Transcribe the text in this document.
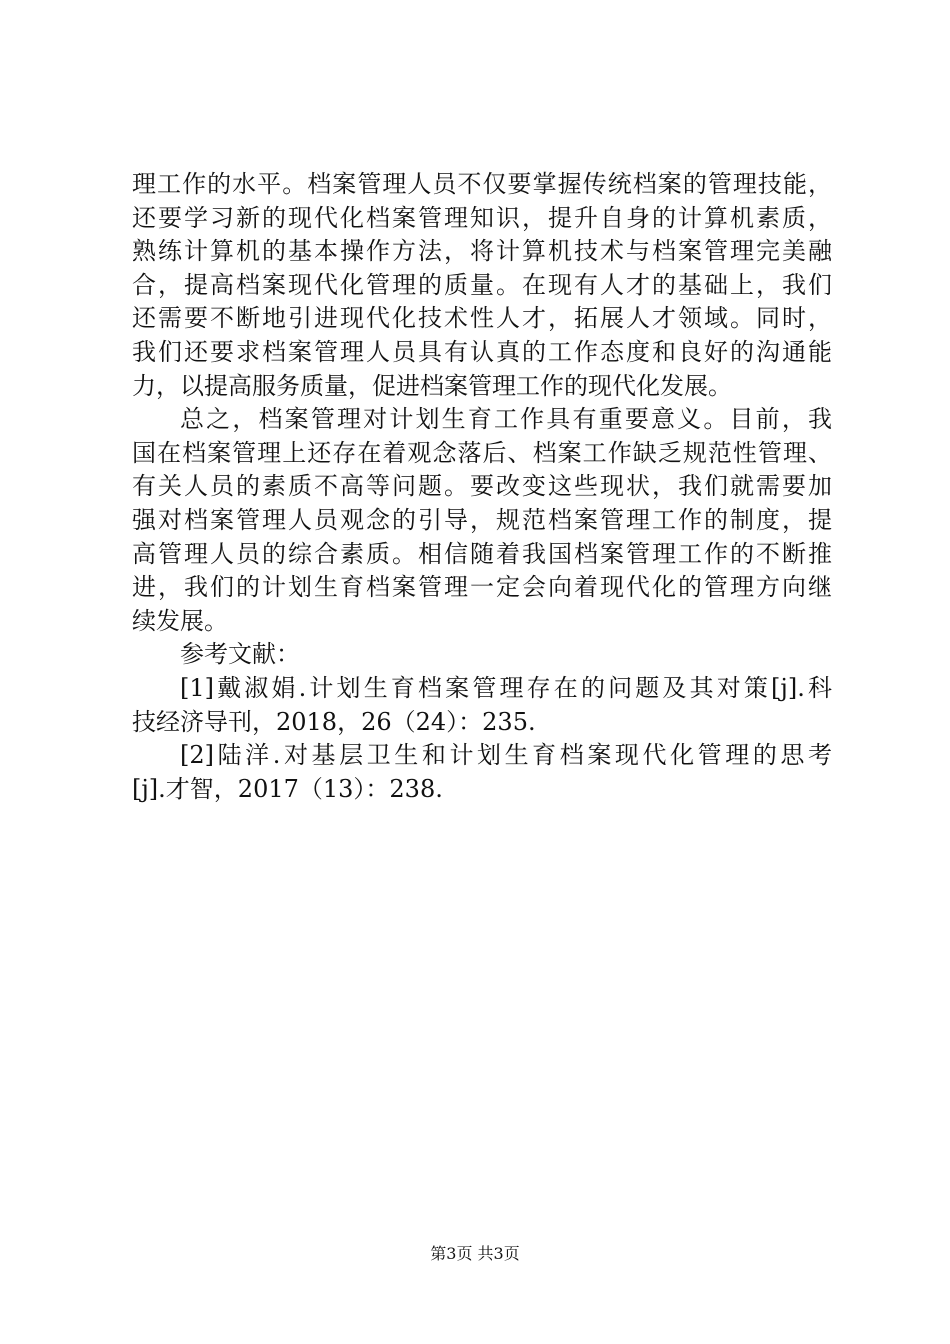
理工作的水平。档案管理人员不仅要掌握传统档案的管理技能，
还要学习新的现代化档案管理知识，提升自身的计算机素质，
熟练计算机的基本操作方法，将计算机技术与档案管理完美融
合，提高档案现代化管理的质量。在现有人才的基础上，我们
还需要不断地引进现代化技术性人才，拓展人才领域。同时，
我们还要求档案管理人员具有认真的工作态度和良好的沟通能
力，以提高服务质量，促进档案管理工作的现代化发展。
总之，档案管理对计划生育工作具有重要意义。目前，我
国在档案管理上还存在着观念落后、档案工作缺乏规范性管理、
有关人员的素质不高等问题。要改变这些现状，我们就需要加
强对档案管理人员观念的引导，规范档案管理工作的制度，提
高管理人员的综合素质。相信随着我国档案管理工作的不断推
进，我们的计划生育档案管理一定会向着现代化的管理方向继
续发展。
参考文献：
[1]戴淑娟.计划生育档案管理存在的问题及其对策[j].科
技经济导刊，2018，26（24）：235.
[2]陆洋.对基层卫生和计划生育档案现代化管理的思考
[j].才智，2017（13）：238.
第3页 共3页
